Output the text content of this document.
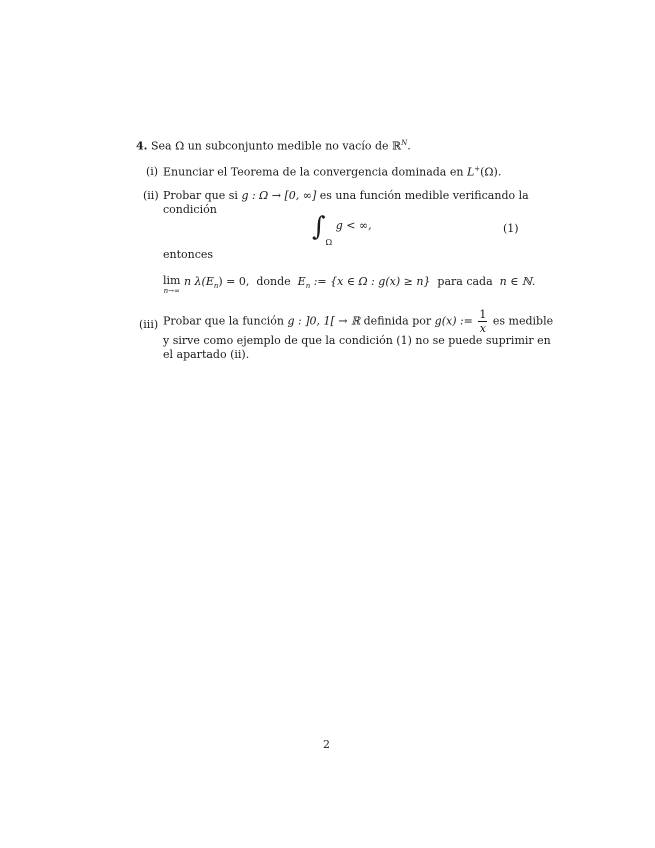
4. Sea Ω un subconjunto medible no vacío de ℝ$^N$.
(i) Enunciar el Teorema de la convergencia dominada en L+(Ω).
(ii) Probar que si g : Ω → [0, ∞] es una función medible verificando la
condición
$\int_\Omega$ g < ∞,	(1)
entonces
lim
n→∞
n $\lambda(E_n) = 0$, donde $E_n$ := {x ∈ Ω : g(x) ≥ n} para cada n ∈ ℕ.
(iii) Probar que la función g : ]0, 1[ → ℝ definida por g(x) := $\frac{1}{x}$ es medible
y sirve como ejemplo de que la condición (1) no se puede suprimir en
el apartado (ii).
2
